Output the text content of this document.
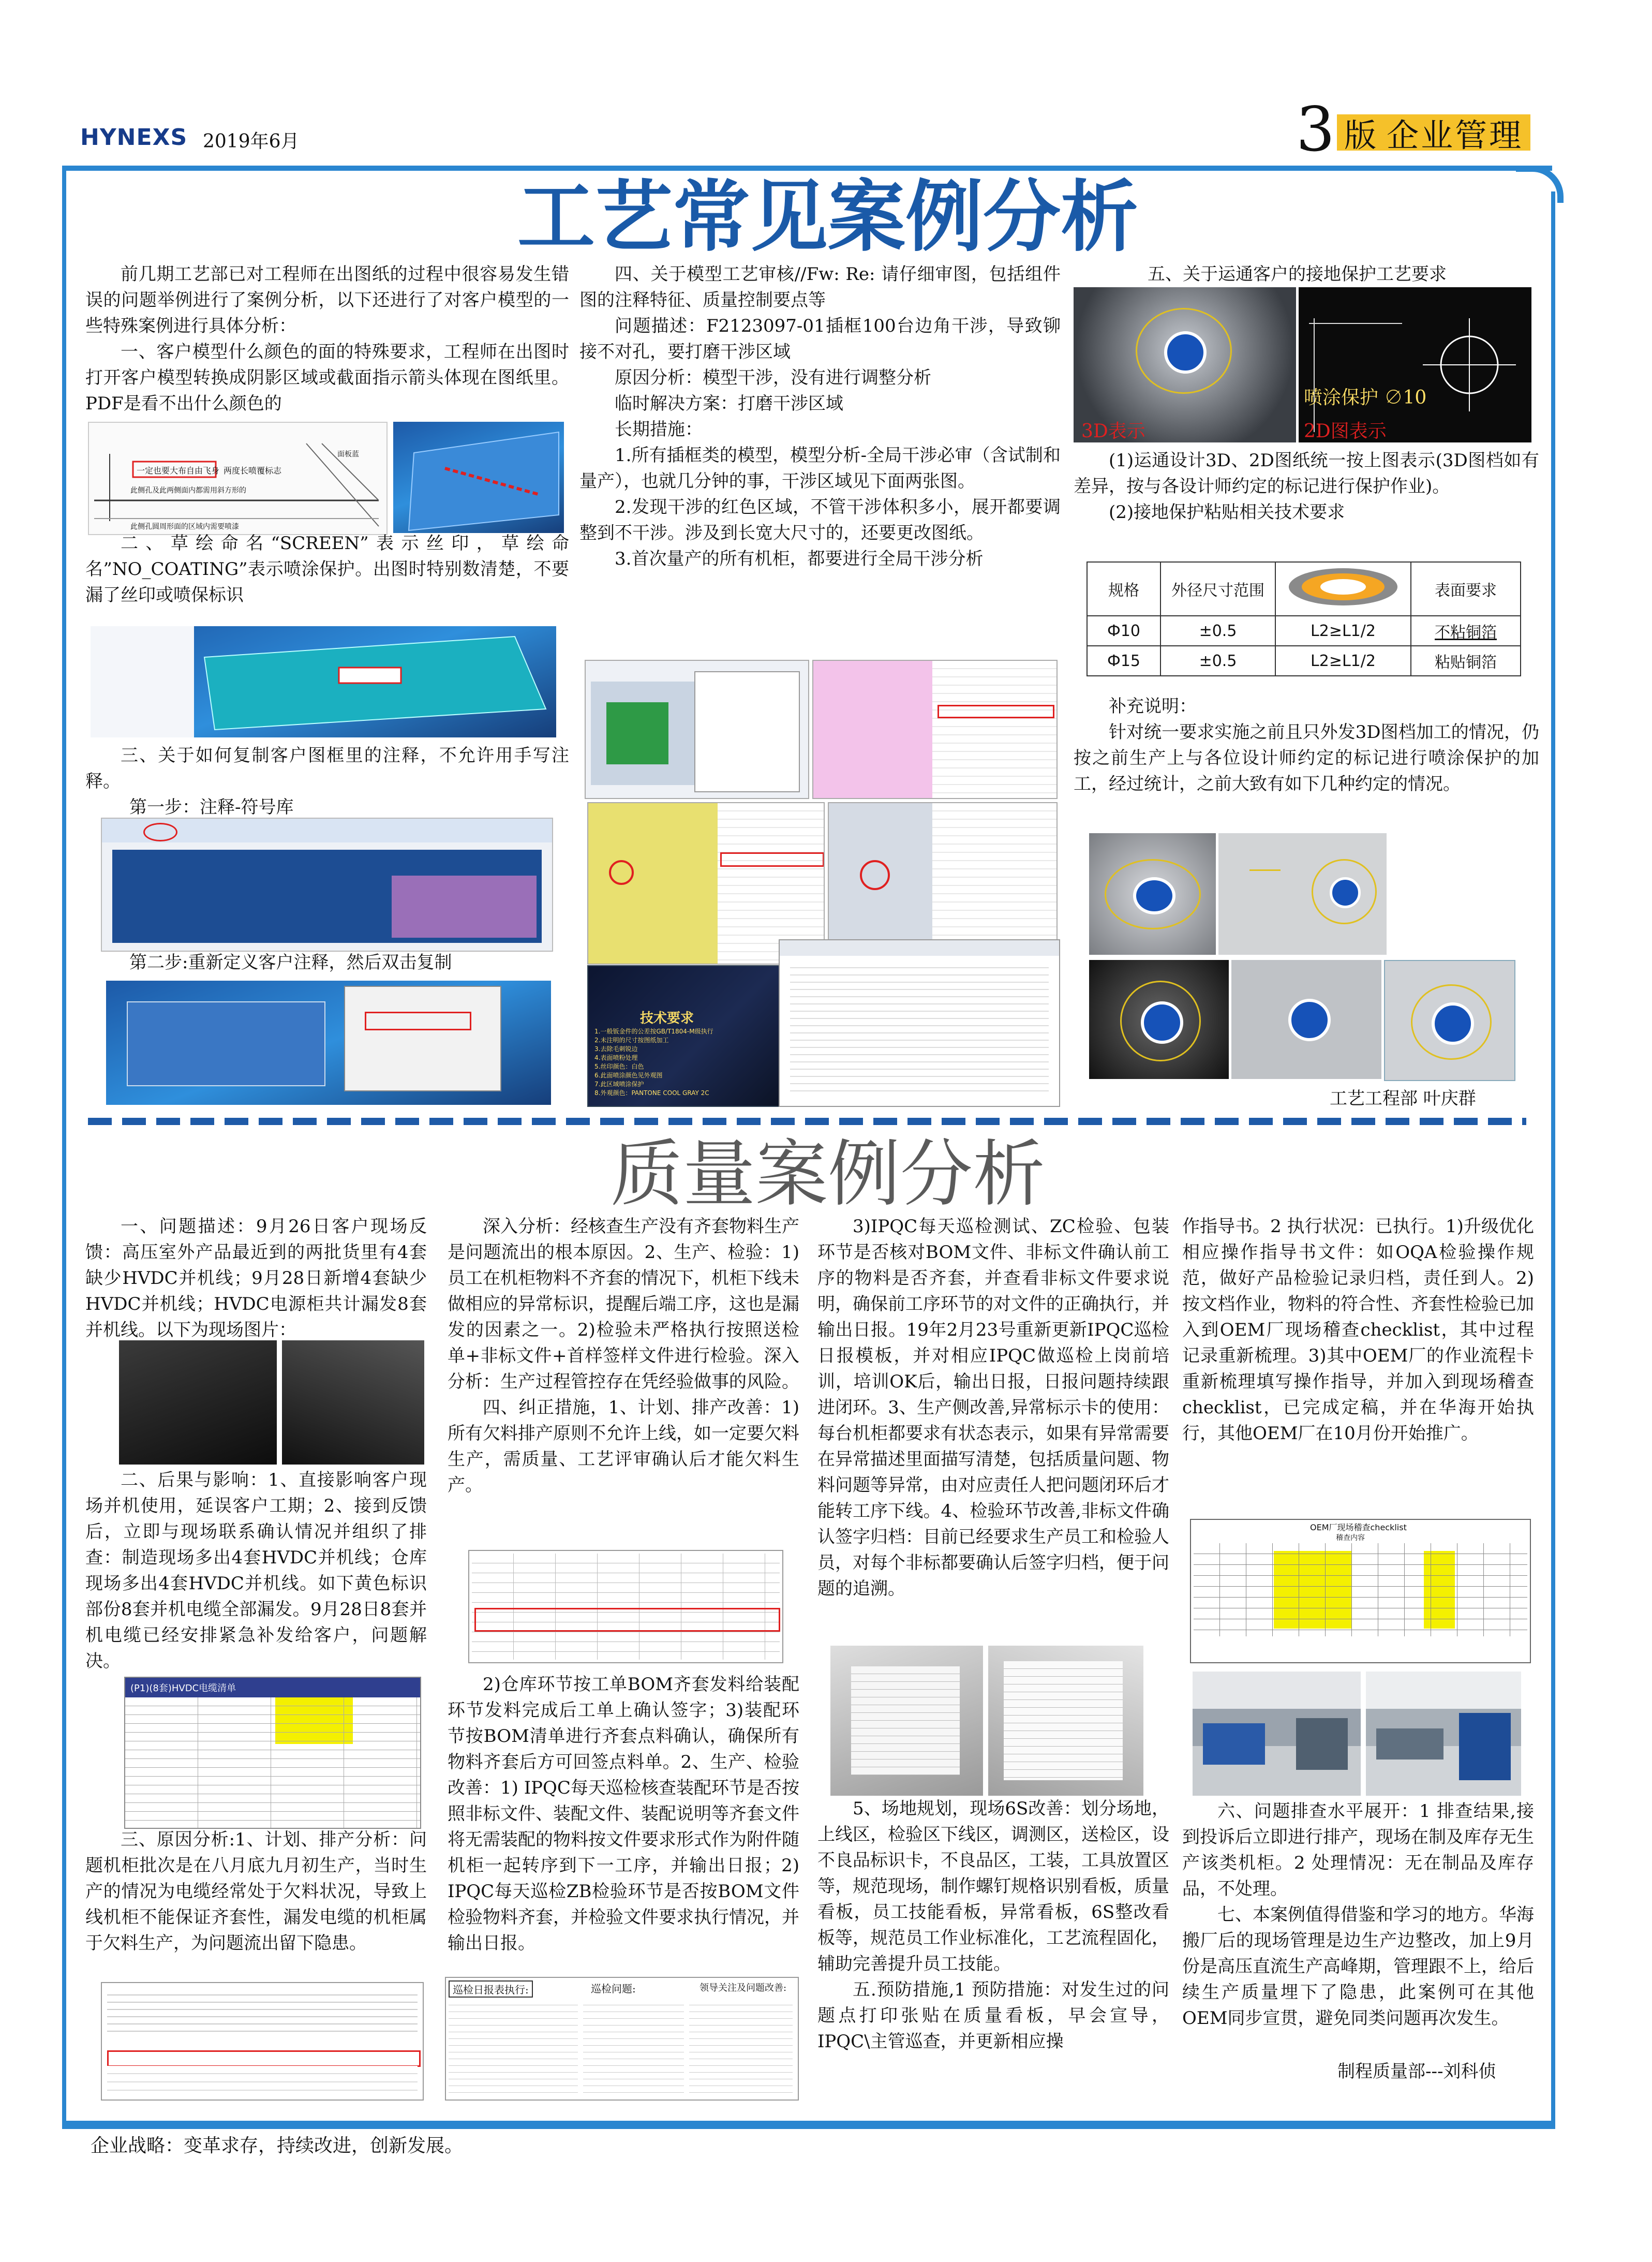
HYNEXS 2019年6月	3 版 企业管理
工艺常见案例分析

前几期工艺部已对工程师在出图纸的过程中很容易发生错误的问题举例进行了案例分析，以下还进行了对客户模型的一些特殊案例进行具体分析：

一、客户模型什么颜色的面的特殊要求，工程师在出图时打开客户模型转换成阴影区域或截面指示箭头体现在图纸里。PDF是看不出什么颜色的

一定也要大布自由飞身 两度长喷覆标志
此侧孔及此两侧面内都需用斜方形的
此侧孔圆周形面的区域内需要喷漆
面板蓝

二、草绘命名“SCREEN”表示丝印，草绘命名”NO_COATING”表示喷涂保护。出图时特别数清楚，不要漏了丝印或喷保标识

三、关于如何复制客户图框里的注释，不允许用手写注释。

第一步：注释-符号库

第二步:重新定义客户注释，然后双击复制

四、关于模型工艺审核//Fw: Re: 请仔细审图，包括组件图的注释特征、质量控制要点等

问题描述：F2123097-01插框100台边角干涉，导致铆接不对孔，要打磨干涉区域

原因分析：模型干涉，没有进行调整分析

临时解决方案：打磨干涉区域

长期措施：

1.所有插框类的模型，模型分析-全局干涉必审（含试制和量产），也就几分钟的事，干涉区域见下面两张图。

2.发现干涉的红色区域，不管干涉体积多小，展开都要调整到不干涉。涉及到长宽大尺寸的，还要更改图纸。

3.首次量产的所有机柜，都要进行全局干涉分析

技术要求
1.一般钣金件的公差按GB/T1804-M级执行
2.未注明的尺寸按图纸加工
3.去除毛刺锐边
4.表面喷粉处理
5.丝印颜色：白色
6.此面喷涂颜色见外观图
7.此区域喷涂保护
8.外观颜色：PANTONE COOL GRAY 2C

五、关于运通客户的接地保护工艺要求

3D表示
喷涂保护 ∅10
2D图表示

(1)运通设计3D、2D图纸统一按上图表示(3D图档如有差异，按与各设计师约定的标记进行保护作业)。

(2)接地保护粘贴相关技术要求

规格	外径尺寸范围		表面要求
Ф10	±0.5	L2≥L1/2	不粘铜箔
Ф15	±0.5	L2≥L1/2	粘贴铜箔

补充说明：

针对统一要求实施之前且只外发3D图档加工的情况，仍按之前生产上与各位设计师约定的标记进行喷涂保护的加工，经过统计，之前大致有如下几种约定的情况。

工艺工程部 叶庆群
质量案例分析

一、问题描述：9月26日客户现场反馈：高压室外产品最近到的两批货里有4套缺少HVDC并机线；9月28日新增4套缺少HVDC并机线；HVDC电源柜共计漏发8套并机线。以下为现场图片：

二、后果与影响：1、直接影响客户现场并机使用，延误客户工期；2、接到反馈后，立即与现场联系确认情况并组织了排查：制造现场多出4套HVDC并机线；仓库现场多出4套HVDC并机线。如下黄色标识部份8套并机电缆全部漏发。9月28日8套并机电缆已经安排紧急补发给客户，问题解决。

(P1)(8套)HVDC电缆清单

三、原因分析:1、计划、排产分析：问题机柜批次是在八月底九月初生产，当时生产的情况为电缆经常处于欠料状况，导致上线机柜不能保证齐套性，漏发电缆的机柜属于欠料生产，为问题流出留下隐患。

深入分析：经核查生产没有齐套物料生产是问题流出的根本原因。2、生产、检验：1)员工在机柜物料不齐套的情况下，机柜下线未做相应的异常标识，提醒后端工序，这也是漏发的因素之一。2)检验未严格执行按照送检单+非标文件+首样签样文件进行检验。深入分析：生产过程管控存在凭经验做事的风险。

四、纠正措施，1、计划、排产改善：1)所有欠料排产原则不允许上线，如一定要欠料生产，需质量、工艺评审确认后才能欠料生产。

2)仓库环节按工单BOM齐套发料给装配环节发料完成后工单上确认签字；3)装配环节按BOM清单进行齐套点料确认，确保所有物料齐套后方可回签点料单。2、生产、检验改善：1) IPQC每天巡检核查装配环节是否按照非标文件、装配文件、装配说明等齐套文件将无需装配的物料按文件要求形式作为附件随机柜一起转序到下一工序，并输出日报；2) IPQC每天巡检ZB检验环节是否按BOM文件检验物料齐套，并检验文件要求执行情况，并输出日报。

巡检日报表执行:	巡检问题:	领导关注及问题改善:

3)IPQC每天巡检测试、ZC检验、包装环节是否核对BOM文件、非标文件确认前工序的物料是否齐套，并查看非标文件要求说明，确保前工序环节的对文件的正确执行，并输出日报。19年2月23号重新更新IPQC巡检日报模板，并对相应IPQC做巡检上岗前培训，培训OK后，输出日报，日报问题持续跟进闭环。3、生产侧改善,异常标示卡的使用：每台机柜都要求有状态表示，如果有异常需要在异常描述里面描写清楚，包括质量问题、物料问题等异常，由对应责任人把问题闭环后才能转工序下线。4、检验环节改善,非标文件确认签字归档：目前已经要求生产员工和检验人员，对每个非标都要确认后签字归档，便于问题的追溯。

5、场地规划，现场6S改善：划分场地，上线区，检验区下线区，调测区，送检区，设不良品标识卡，不良品区，工装，工具放置区等，规范现场，制作螺钉规格识别看板，质量看板，员工技能看板，异常看板，6S整改看板等，规范员工作业标准化，工艺流程固化，辅助完善提升员工技能。

五.预防措施,1 预防措施：对发生过的问题点打印张贴在质量看板，早会宣导，IPQC\主管巡查，并更新相应操

作指导书。2 执行状况：已执行。1)升级优化相应操作指导书文件：如OQA检验操作规范，做好产品检验记录归档，责任到人。2)按文档作业，物料的符合性、齐套性检验已加入到OEM厂现场稽查checklist，其中过程记录重新梳理。3)其中OEM厂的作业流程卡重新梳理填写操作指导，并加入到现场稽查checklist，已完成定稿，并在华海开始执行，其他OEM厂在10月份开始推广。

OEM厂现场稽查checklist
稽查内容

六、问题排查水平展开：1 排查结果,接到投诉后立即进行排产，现场在制及库存无生产该类机柜。2 处理情况：无在制品及库存品，不处理。

七、本案例值得借鉴和学习的地方。华海搬厂后的现场管理是边生产边整改，加上9月份是高压直流生产高峰期，管理跟不上，给后续生产质量埋下了隐患，此案例可在其他OEM同步宣贯，避免同类问题再次发生。

制程质量部---刘科侦
企业战略：变革求存，持续改进，创新发展。
